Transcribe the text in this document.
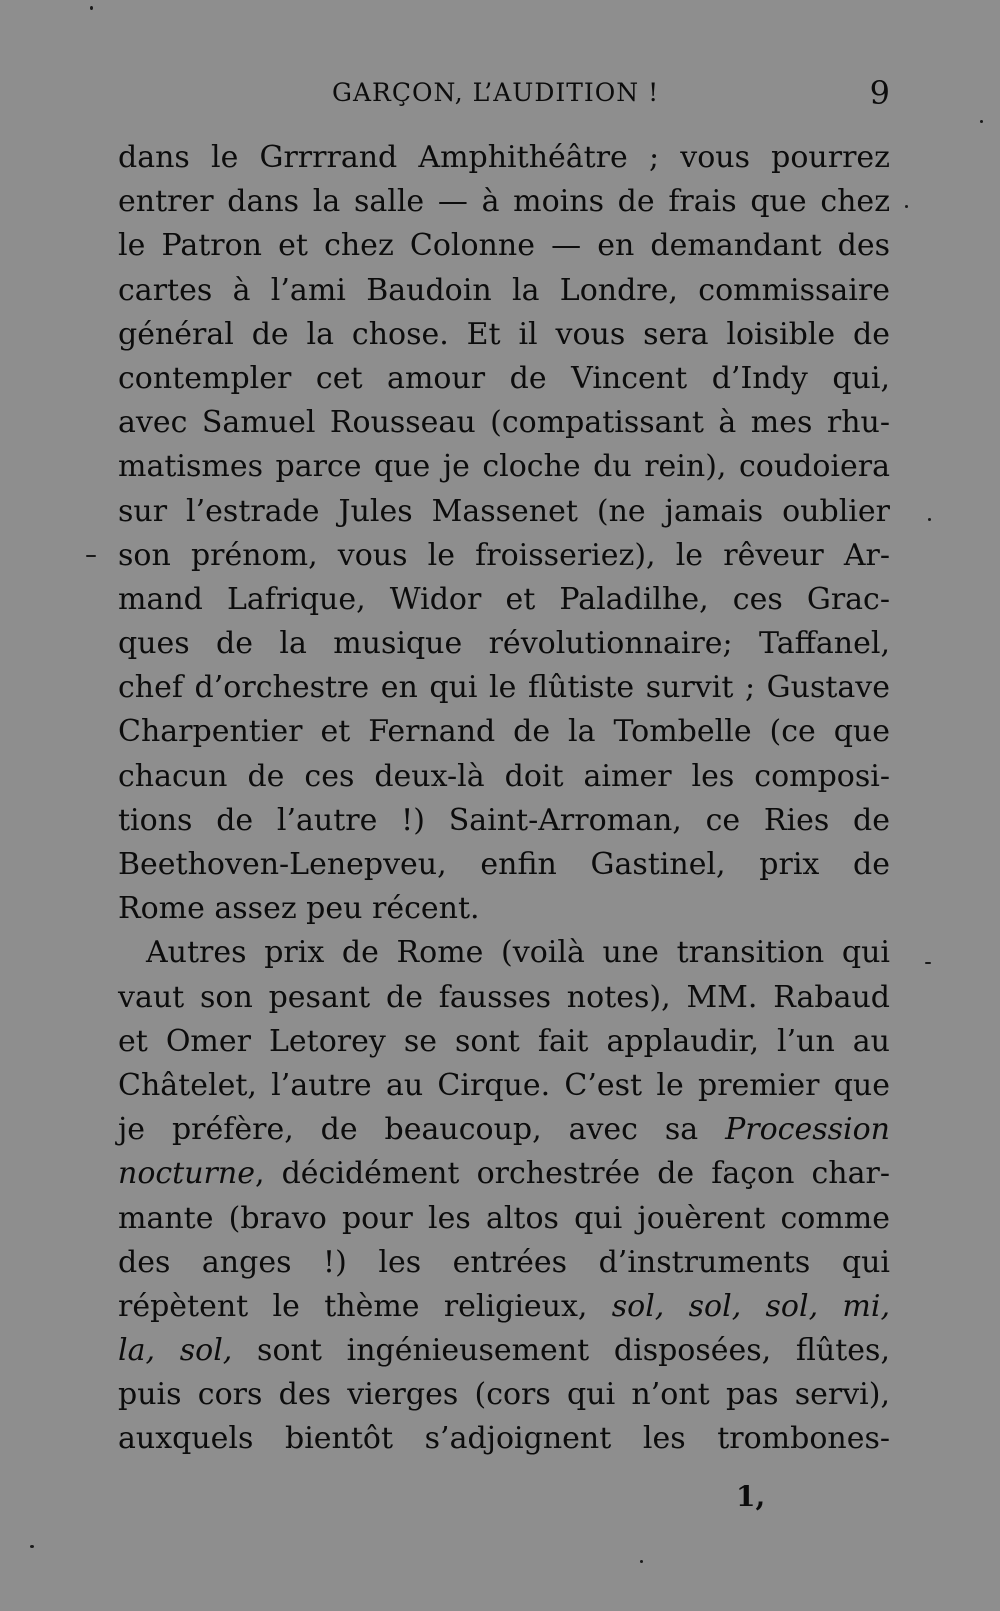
GARÇON, L’AUDITION !	9
dans le Grrrrand Amphithéâtre ; vous pourrez
entrer dans la salle — à moins de frais que chez
le Patron et chez Colonne — en demandant des
cartes à l’ami Baudoin la Londre, commissaire
général de la chose. Et il vous sera loisible de
contempler cet amour de Vincent d’Indy qui,
avec Samuel Rousseau (compatissant à mes rhu-
matismes parce que je cloche du rein), coudoiera
sur l’estrade Jules Massenet (ne jamais oublier
son prénom, vous le froisseriez), le rêveur Ar-
mand Lafrique, Widor et Paladilhe, ces Grac-
ques de la musique révolutionnaire; Taffanel,
chef d’orchestre en qui le flûtiste survit ; Gustave
Charpentier et Fernand de la Tombelle (ce que
chacun de ces deux-là doit aimer les composi-
tions de l’autre !) Saint-Arroman, ce Ries de
Beethoven-Lenepveu, enfin Gastinel, prix de
Rome assez peu récent.
Autres prix de Rome (voilà une transition qui
vaut son pesant de fausses notes), MM. Rabaud
et Omer Letorey se sont fait applaudir, l’un au
Châtelet, l’autre au Cirque. C’est le premier que
je préfère, de beaucoup, avec sa Procession
nocturne, décidément orchestrée de façon char-
mante (bravo pour les altos qui jouèrent comme
des anges !) les entrées d’instruments qui
répètent le thème religieux, sol, sol, sol, mi,
la, sol, sont ingénieusement disposées, flûtes,
puis cors des vierges (cors qui n’ont pas servi),
auxquels bientôt s’adjoignent les trombones-
1,
